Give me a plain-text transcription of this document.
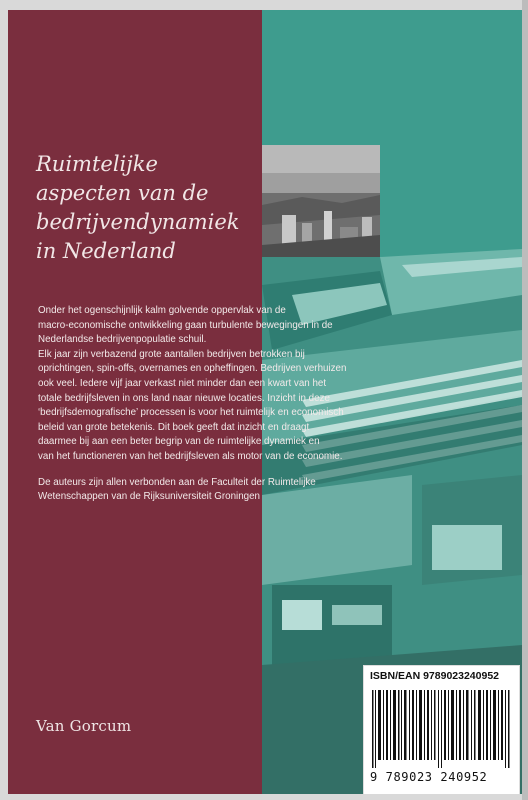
Ruimtelijke
aspecten van de
bedrijvendynamiek
in Nederland

Onder het ogenschijnlijk kalm golvende oppervlak van de
macro-economische ontwikkeling gaan turbulente bewegingen in de
Nederlandse bedrijvenpopulatie schuil.

Elk jaar zijn verbazend grote aantallen bedrijven betrokken bij
oprichtingen, spin-offs, overnames en opheffingen. Bedrijven verhuizen
ook veel. Iedere vijf jaar verkast niet minder dan een kwart van het
totale bedrijfsleven in ons land naar nieuwe locaties. Inzicht in deze
‘bedrijfsdemografische’ processen is voor het ruimtelijk en economisch
beleid van grote betekenis. Dit boek geeft dat inzicht en draagt
daarmee bij aan een beter begrip van de ruimtelijke dynamiek en
van het functioneren van het bedrijfsleven als motor van de economie.

De auteurs zijn allen verbonden aan de Faculteit der Ruimtelijke
Wetenschappen van de Rijksuniversiteit Groningen

Van Gorcum
ISBN/EAN 9789023240952
9 789023 240952
